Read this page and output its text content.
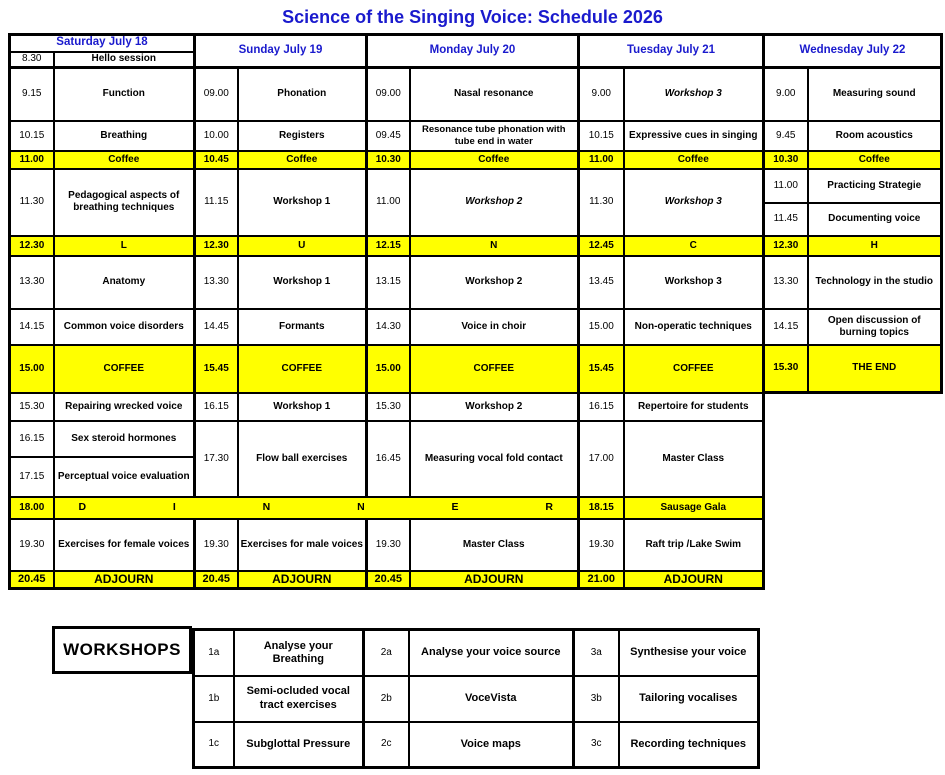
Science of the Singing Voice: Schedule 2026
Saturday July 18		Sunday July 19		Monday July 20		Tuesday July 21		Wednesday July 22	
8.30	Hello session								
9.15	Function	09.00	Phonation	09.00	Nasal resonance	9.00	Workshop 3	9.00	Measuring sound
10.15	Breathing	10.00	Registers	09.45	Resonance tube phonation with tube end in water	10.15	Expressive cues in singing	9.45	Room acoustics
11.00	Coffee	10.45	Coffee	10.30	Coffee	11.00	Coffee	10.30	Coffee
11.30	Pedagogical aspects of breathing techniques	11.15	Workshop 1	11.00	Workshop 2	11.30	Workshop 3	11.00	Practicing Strategie
								11.45	Documenting voice
12.30	L	12.30	U	12.15	N	12.45	C	12.30	H
13.30	Anatomy	13.30	Workshop 1	13.15	Workshop 2	13.45	Workshop 3	13.30	Technology in the studio
14.15	Common voice disorders	14.45	Formants	14.30	Voice in choir	15.00	Non-operatic techniques	14.15	Open discussion of burning topics
15.00	COFFEE	15.45	COFFEE	15.00	COFFEE	15.45	COFFEE	15.30	THE END
15.30	Repairing wrecked voice	16.15	Workshop 1	15.30	Workshop 2	16.15	Repertoire for students		
16.15	Sex steroid hormones	17.30	Flow ball exercises	16.45	Measuring vocal fold contact	17.00	Master Class		
17.15	Perceptual voice evaluation								
18.00	D	I	N	N	E	R	18.15	Sausage Gala
19.30	Exercises for female voices	19.30	Exercises for male voices	19.30	Master Class	19.30	Raft trip /Lake Swim		
20.45	ADJOURN	20.45	ADJOURN	20.45	ADJOURN	21.00	ADJOURN		
WORKSHOPS	1a	Analyse your Breathing	2a	Analyse your voice source	3a	Synthesise your voice
1b	Semi-ocluded vocal tract exercises	2b	VoceVista	3b	Tailoring vocalises
1c	Subglottal Pressure	2c	Voice maps	3c	Recording techniques
